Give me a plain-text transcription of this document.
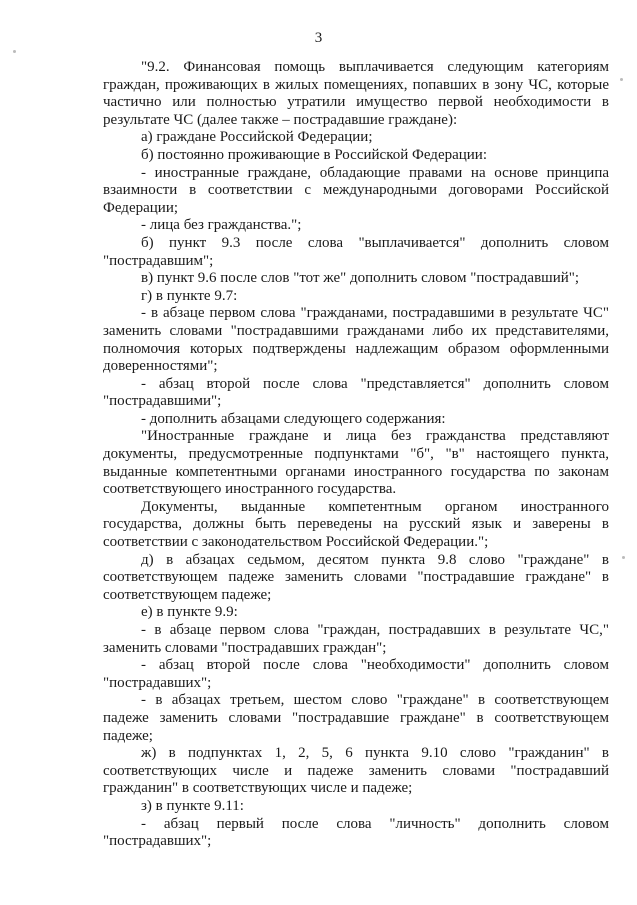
3

"9.2. Финансовая помощь выплачивается следующим категориям граждан, проживающих в жилых помещениях, попавших в зону ЧС, которые частично или полностью утратили имущество первой необходимости в результате ЧС (далее также – пострадавшие граждане):

а) гражданe Российской Федерации;

б) постоянно проживающие в Российской Федерации:

- иностранные граждане, обладающие правами на основе принципа взаимности в соответствии с международными договорами Российской Федерации;

- лица без гражданства.";

б) пункт 9.3 после слова "выплачивается" дополнить словом "пострадавшим";

в) пункт 9.6 после слов "тот же" дополнить словом "пострадавший";

г) в пункте 9.7:

- в абзаце первом слова "гражданами, пострадавшими в результате ЧС" заменить словами "пострадавшими гражданами либо их представителями, полномочия которых подтверждены надлежащим образом оформленными доверенностями";

- абзац второй после слова "представляется" дополнить словом "пострадавшими";

- дополнить абзацами следующего содержания:

"Иностранные граждане и лица без гражданства представляют документы, предусмотренные подпунктами "б", "в" настоящего пункта, выданные компетентными органами иностранного государства по законам соответствующего иностранного государства.

Документы, выданные компетентным органом иностранного государства, должны быть переведены на русский язык и заверены в соответствии с законодательством Российской Федерации.";

д) в абзацах седьмом, десятом пункта 9.8 слово "граждане" в соответствующем падеже заменить словами "пострадавшие граждане" в соответствующем падеже;

е) в пункте 9.9:

- в абзаце первом слова "граждан, пострадавших в результате ЧС," заменить словами "пострадавших граждан";

- абзац второй после слова "необходимости" дополнить словом "пострадавших";

- в абзацах третьем, шестом слово "граждане" в соответствующем падеже заменить словами "пострадавшие граждане" в соответствующем падеже;

ж) в подпунктах 1, 2, 5, 6 пункта 9.10 слово "гражданин" в соответствующих числе и падеже заменить словами "пострадавший гражданин" в соответствующих числе и падеже;

з) в пункте 9.11:

- абзац первый после слова "личность" дополнить словом "пострадавших";
